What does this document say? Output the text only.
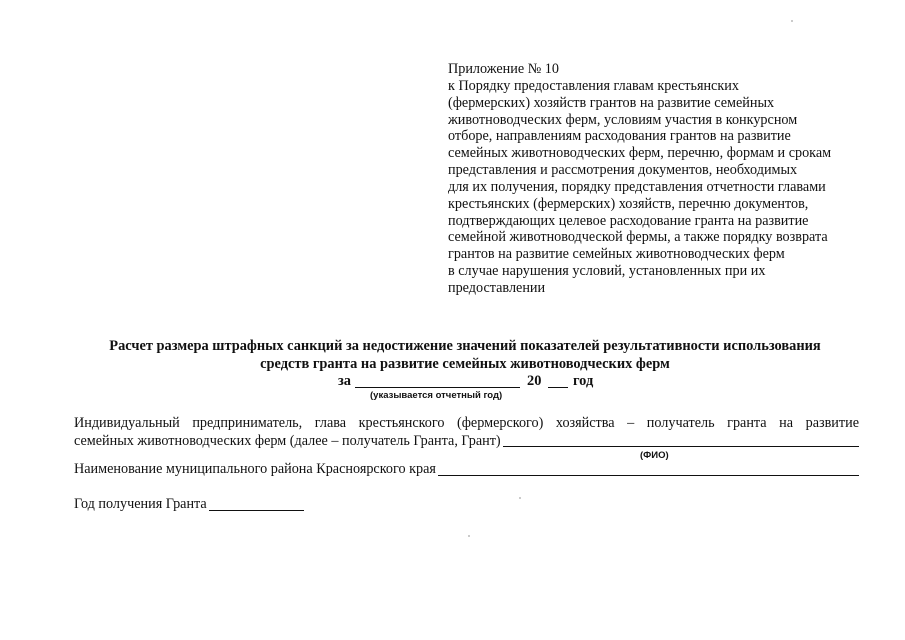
Приложение № 10
к Порядку предоставления главам крестьянских
(фермерских) хозяйств грантов на развитие семейных
животноводческих ферм, условиям участия в конкурсном
отборе, направлениям расходования грантов на развитие
семейных животноводческих ферм, перечню, формам и срокам
представления и рассмотрения документов, необходимых
для их получения, порядку представления отчетности главами
крестьянских (фермерских) хозяйств, перечню документов,
подтверждающих целевое расходование гранта на развитие
семейной животноводческой фермы, а также порядку возврата
грантов на развитие семейных животноводческих ферм
в случае нарушения условий, установленных при их
предоставлении
Расчет размера штрафных санкций за недостижение значений показателей результативности использования
средств гранта на развитие семейных животноводческих ферм
за	20 год
(указывается отчетный год)
Индивидуальный предприниматель, глава крестьянского (фермерского) хозяйства – получатель гранта на развитие
семейных животноводческих ферм (далее – получатель Гранта, Грант)
(ФИО)
Наименование муниципального района Красноярского края
Год получения Гранта
